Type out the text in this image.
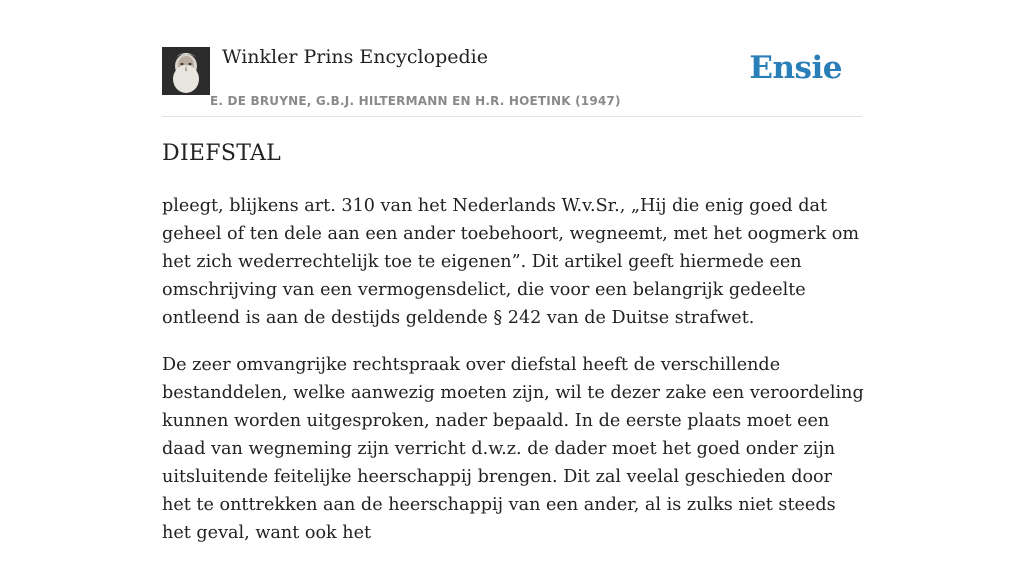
Winkler Prins Encyclopedie
E. DE BRUYNE, G.B.J. HILTERMANN EN H.R. HOETINK (1947)
Ensie
DIEFSTAL

pleegt, blijkens art. 310 van het Nederlands W.v.Sr., „Hij die enig goed dat geheel of ten dele aan een ander toebehoort, wegneemt, met het oogmerk om het zich wederrechtelijk toe te eigenen”. Dit artikel geeft hiermede een omschrijving van een vermogensdelict, die voor een belangrijk gedeelte ontleend is aan de destijds geldende § 242 van de Duitse strafwet.

De zeer omvangrijke rechtspraak over diefstal heeft de verschillende bestanddelen, welke aanwezig moeten zijn, wil te dezer zake een veroordeling kunnen worden uitgesproken, nader bepaald. In de eerste plaats moet een daad van wegneming zijn verricht d.w.z. de dader moet het goed onder zijn uitsluitende feitelijke heerschappij brengen. Dit zal veelal geschieden door het te onttrekken aan de heerschappij van een ander, al is zulks niet steeds het geval, want ook het
